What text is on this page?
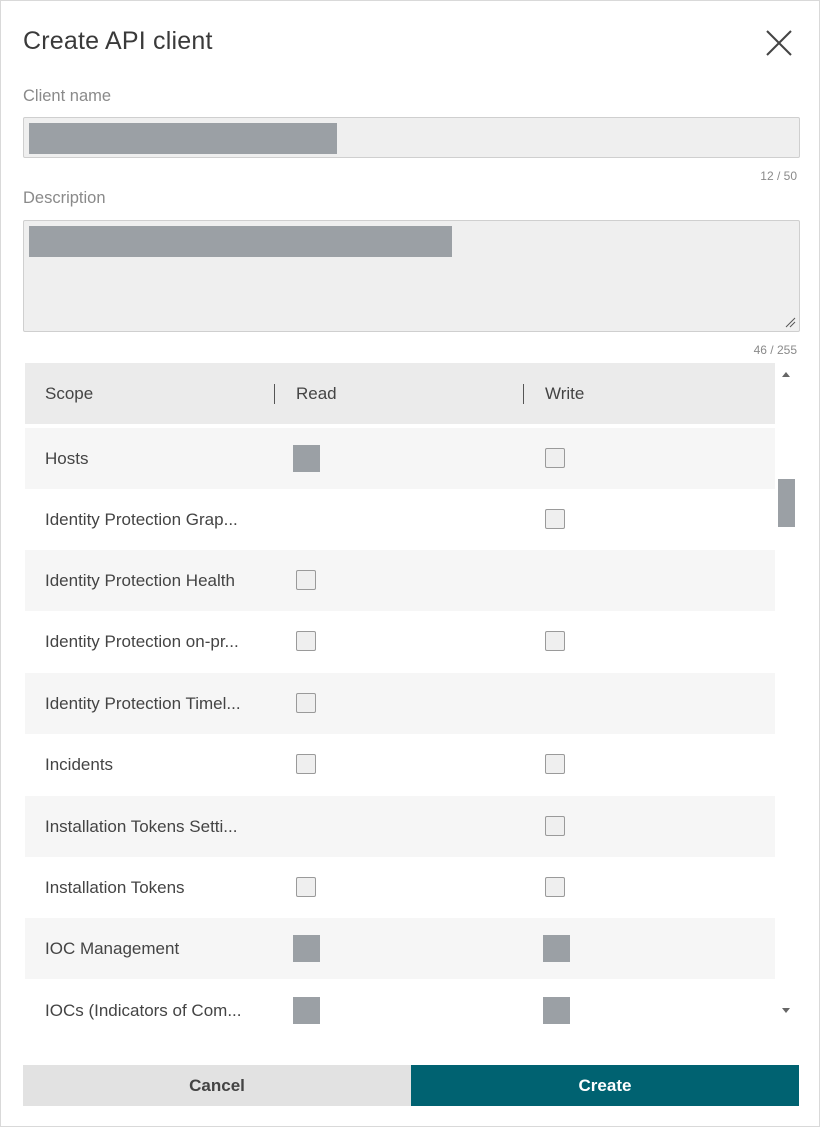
Create API client
Client name
12 / 50
Description
46 / 255
Scope	Read	Write
Hosts
Identity Protection Grap...
Identity Protection Health
Identity Protection on-pr...
Identity Protection Timel...
Incidents
Installation Tokens Setti...
Installation Tokens
IOC Management
IOCs (Indicators of Com...
Cancel	Create
